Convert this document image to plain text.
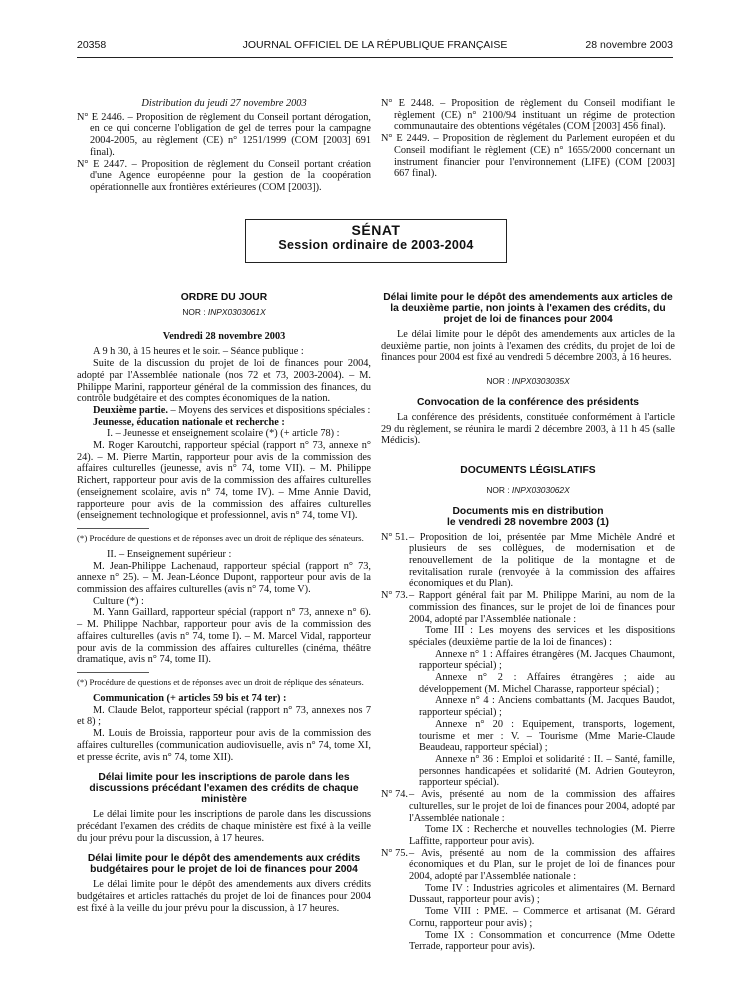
20358	JOURNAL OFFICIEL DE LA RÉPUBLIQUE FRANÇAISE	28 novembre 2003

Distribution du jeudi 27 novembre 2003

N° E 2446. – Proposition de règlement du Conseil portant dérogation, en ce qui concerne l'obligation de gel de terres pour la campagne 2004-2005, au règlement (CE) n° 1251/1999 (COM [2003] 691 final).

N° E 2447. – Proposition de règlement du Conseil portant création d'une Agence européenne pour la gestion de la coopération opérationnelle aux frontières extérieures (COM [2003]).

N° E 2448. – Proposition de règlement du Conseil modifiant le règlement (CE) n° 2100/94 instituant un régime de protection communautaire des obtentions végétales (COM [2003] 456 final).

N° E 2449. – Proposition de règlement du Parlement européen et du Conseil modifiant le règlement (CE) n° 1655/2000 concernant un instrument financier pour l'environnement (LIFE) (COM [2003] 667 final).

SÉNAT
Session ordinaire de 2003-2004

ORDRE DU JOUR

NOR : INPX0303061X

Vendredi 28 novembre 2003

A 9 h 30, à 15 heures et le soir. – Séance publique :

Suite de la discussion du projet de loi de finances pour 2004, adopté par l'Assemblée nationale (nos 72 et 73, 2003-2004). – M. Philippe Marini, rapporteur général de la commission des finances, du contrôle budgétaire et des comptes économiques de la nation.

Deuxième partie. – Moyens des services et dispositions spéciales :

Jeunesse, éducation nationale et recherche :

I. – Jeunesse et enseignement scolaire (*) (+ article 78) :

M. Roger Karoutchi, rapporteur spécial (rapport n° 73, annexe n° 24). – M. Pierre Martin, rapporteur pour avis de la commission des affaires culturelles (jeunesse, avis n° 74, tome VII). – M. Philippe Richert, rapporteur pour avis de la commission des affaires culturelles (enseignement scolaire, avis n° 74, tome IV). – Mme Annie David, rapporteure pour avis de la commission des affaires culturelles (enseignement technologique et professionnel, avis n° 74, tome VI).

(*) Procédure de questions et de réponses avec un droit de réplique des sénateurs.

II. – Enseignement supérieur :

M. Jean-Philippe Lachenaud, rapporteur spécial (rapport n° 73, annexe n° 25). – M. Jean-Léonce Dupont, rapporteur pour avis de la commission des affaires culturelles (avis n° 74, tome V).

Culture (*) :

M. Yann Gaillard, rapporteur spécial (rapport n° 73, annexe n° 6). – M. Philippe Nachbar, rapporteur pour avis de la commission des affaires culturelles (avis n° 74, tome I). – M. Marcel Vidal, rapporteur pour avis de la commission des affaires culturelles (cinéma, théâtre dramatique, avis n° 74, tome II).

(*) Procédure de questions et de réponses avec un droit de réplique des sénateurs.

Communication (+ articles 59 bis et 74 ter) :

M. Claude Belot, rapporteur spécial (rapport n° 73, annexes nos 7 et 8) ;

M. Louis de Broissia, rapporteur pour avis de la commission des affaires culturelles (communication audiovisuelle, avis n° 74, tome XI, et presse écrite, avis n° 74, tome XII).

Délai limite pour les inscriptions de parole dans les discussions précédant l'examen des crédits de chaque ministère

Le délai limite pour les inscriptions de parole dans les discussions précédant l'examen des crédits de chaque ministère est fixé à la veille du jour prévu pour la discussion, à 17 heures.

Délai limite pour le dépôt des amendements aux crédits budgétaires pour le projet de loi de finances pour 2004

Le délai limite pour le dépôt des amendements aux divers crédits budgétaires et articles rattachés du projet de loi de finances pour 2004 est fixé à la veille du jour prévu pour la discussion, à 17 heures.

Délai limite pour le dépôt des amendements aux articles de la deuxième partie, non joints à l'examen des crédits, du projet de loi de finances pour 2004

Le délai limite pour le dépôt des amendements aux articles de la deuxième partie, non joints à l'examen des crédits, du projet de loi de finances pour 2004 est fixé au vendredi 5 décembre 2003, à 16 heures.

NOR : INPX0303035X

Convocation de la conférence des présidents

La conférence des présidents, constituée conformément à l'article 29 du règlement, se réunira le mardi 2 décembre 2003, à 11 h 45 (salle Médicis).

DOCUMENTS LÉGISLATIFS

NOR : INPX0303062X

Documents mis en distribution

le vendredi 28 novembre 2003 (1)

N° 51.– Proposition de loi, présentée par Mme Michèle André et plusieurs de ses collègues, de modernisation et de renouvellement de la politique de la montagne et de revitalisation rurale (renvoyée à la commission des affaires économiques et du Plan).

N° 73.– Rapport général fait par M. Philippe Marini, au nom de la commission des finances, sur le projet de loi de finances pour 2004, adopté par l'Assemblée nationale :

Tome III : Les moyens des services et les dispositions spéciales (deuxième partie de la loi de finances) :

Annexe n° 1 : Affaires étrangères (M. Jacques Chaumont, rapporteur spécial) ;

Annexe n° 2 : Affaires étrangères ; aide au développement (M. Michel Charasse, rapporteur spécial) ;

Annexe n° 4 : Anciens combattants (M. Jacques Baudot, rapporteur spécial) ;

Annexe n° 20 : Equipement, transports, logement, tourisme et mer : V. – Tourisme (Mme Marie-Claude Beaudeau, rapporteur spécial) ;

Annexe n° 36 : Emploi et solidarité : II. – Santé, famille, personnes handicapées et solidarité (M. Adrien Gouteyron, rapporteur spécial).

N° 74.– Avis, présenté au nom de la commission des affaires culturelles, sur le projet de loi de finances pour 2004, adopté par l'Assemblée nationale :

Tome IX : Recherche et nouvelles technologies (M. Pierre Laffitte, rapporteur pour avis).

N° 75.– Avis, présenté au nom de la commission des affaires économiques et du Plan, sur le projet de loi de finances pour 2004, adopté par l'Assemblée nationale :

Tome IV : Industries agricoles et alimentaires (M. Bernard Dussaut, rapporteur pour avis) ;

Tome VIII : PME. – Commerce et artisanat (M. Gérard Cornu, rapporteur pour avis) ;

Tome IX : Consommation et concurrence (Mme Odette Terrade, rapporteur pour avis).
